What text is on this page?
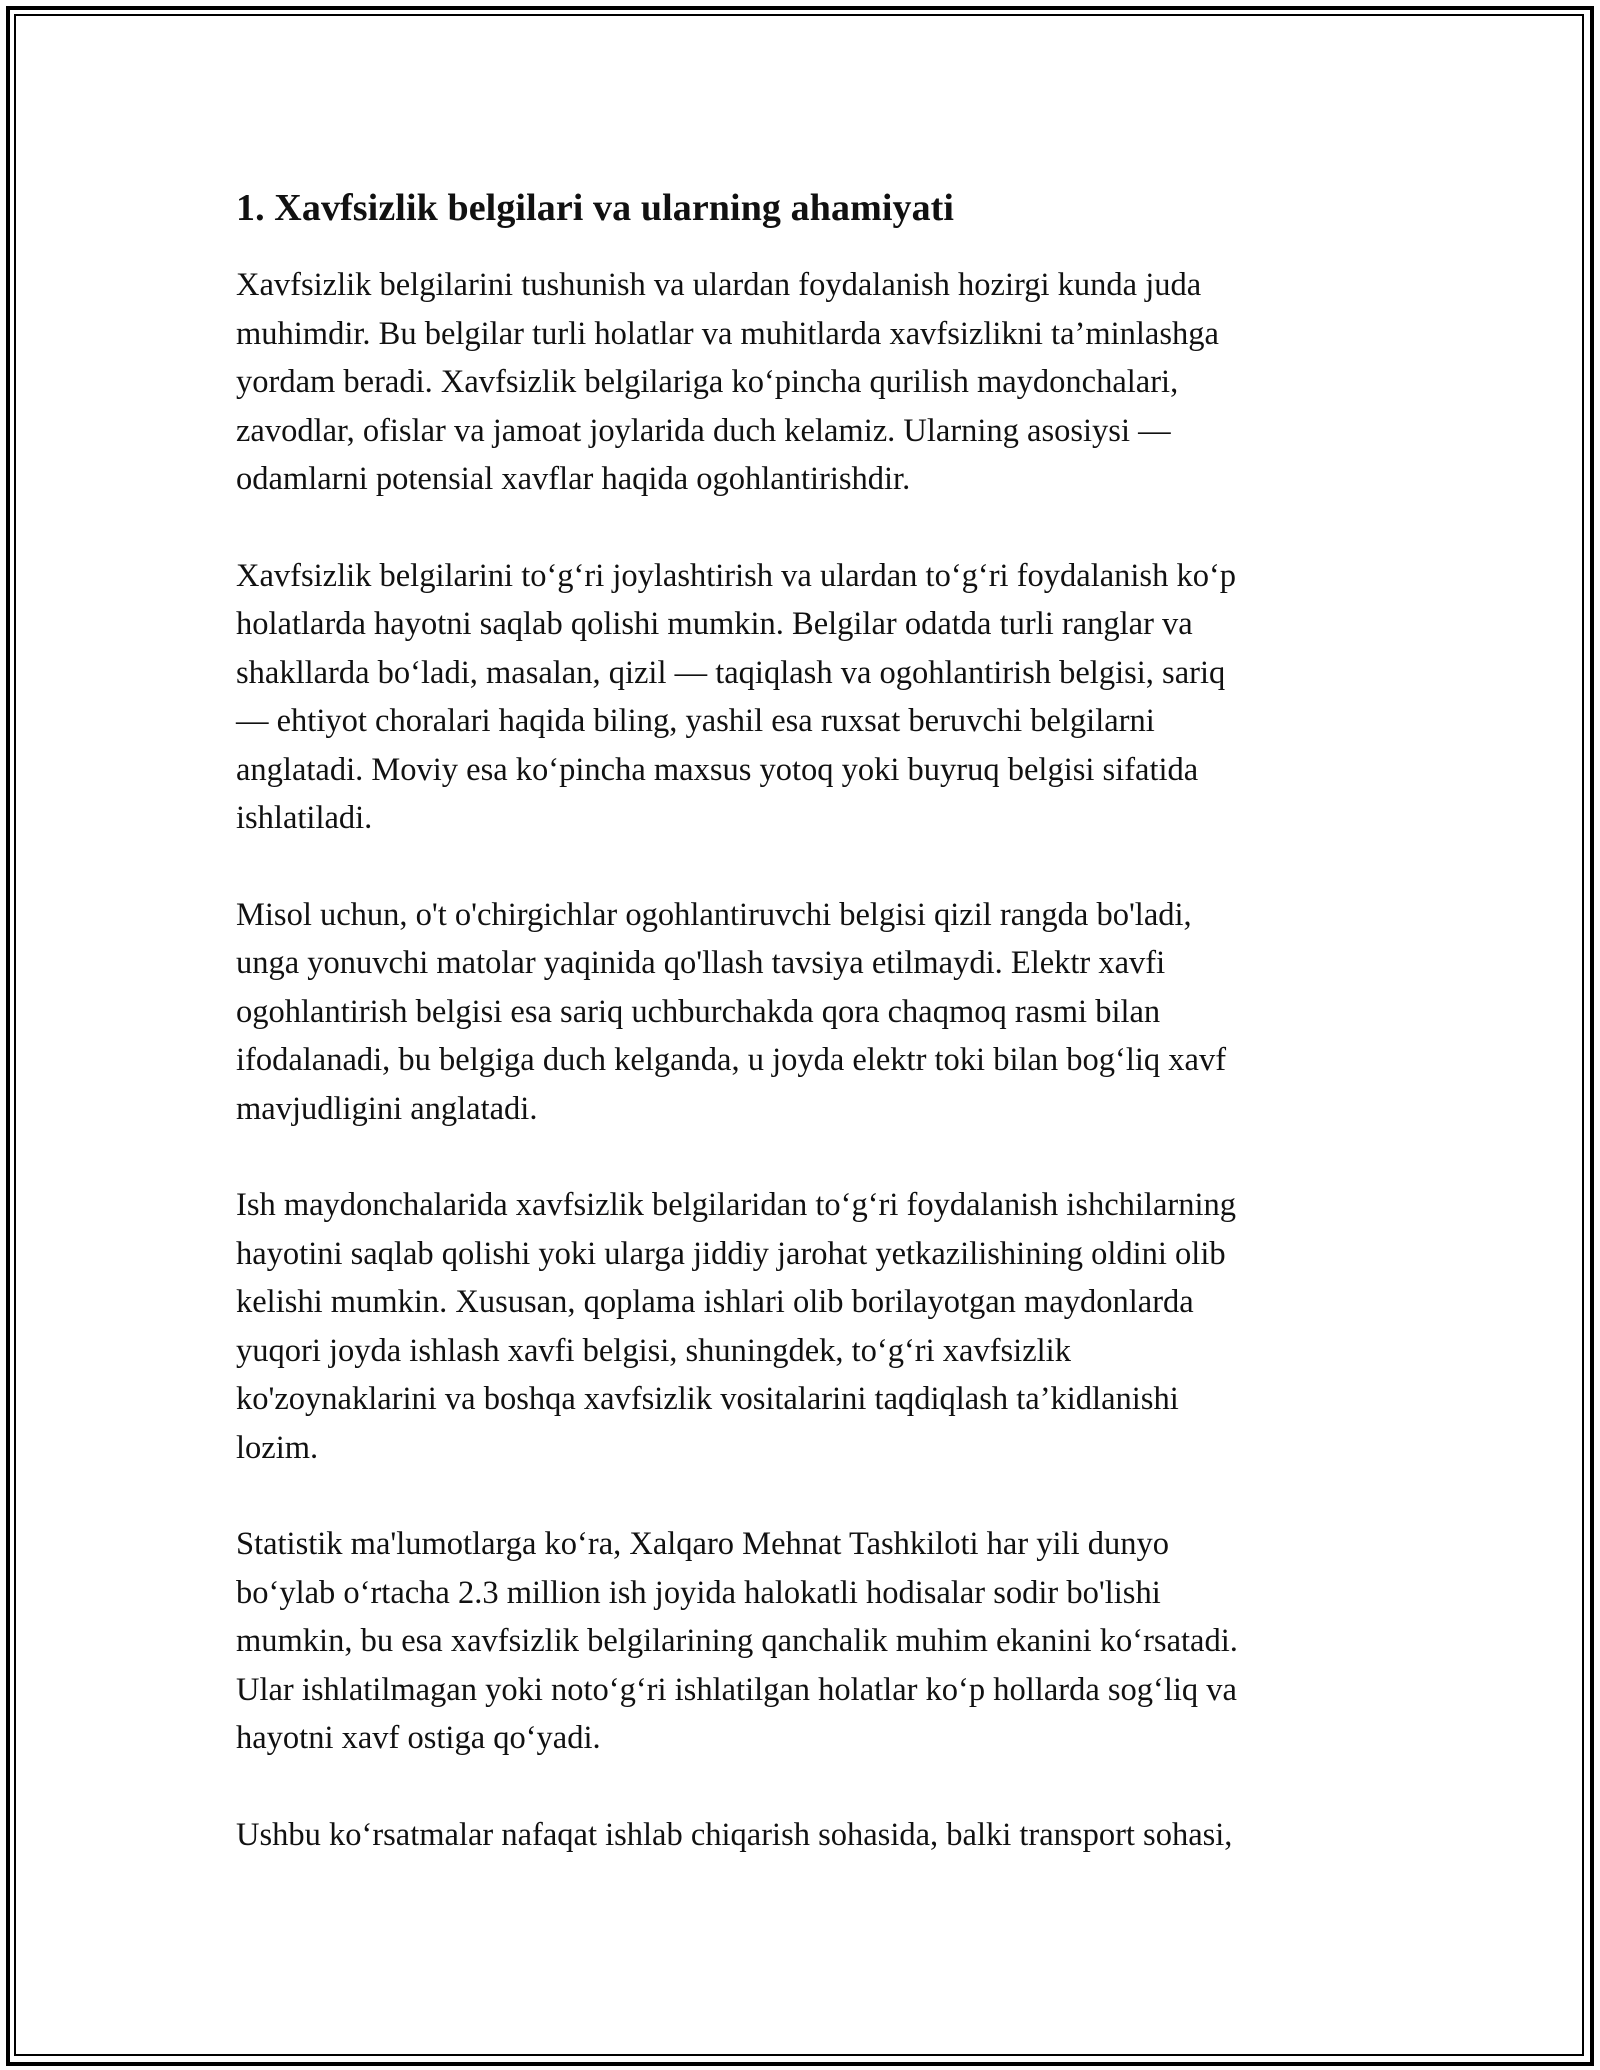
1. Xavfsizlik belgilari va ularning ahamiyati

Xavfsizlik belgilarini tushunish va ulardan foydalanish hozirgi kunda juda
muhimdir. Bu belgilar turli holatlar va muhitlarda xavfsizlikni ta’minlashga
yordam beradi. Xavfsizlik belgilariga ko‘pincha qurilish maydonchalari,
zavodlar, ofislar va jamoat joylarida duch kelamiz. Ularning asosiysi —
odamlarni potensial xavflar haqida ogohlantirishdir.

Xavfsizlik belgilarini to‘g‘ri joylashtirish va ulardan to‘g‘ri foydalanish ko‘p
holatlarda hayotni saqlab qolishi mumkin. Belgilar odatda turli ranglar va
shakllarda bo‘ladi, masalan, qizil — taqiqlash va ogohlantirish belgisi, sariq
— ehtiyot choralari haqida biling, yashil esa ruxsat beruvchi belgilarni
anglatadi. Moviy esa ko‘pincha maxsus yotoq yoki buyruq belgisi sifatida
ishlatiladi.

Misol uchun, o't o'chirgichlar ogohlantiruvchi belgisi qizil rangda bo'ladi,
unga yonuvchi matolar yaqinida qo'llash tavsiya etilmaydi. Elektr xavfi
ogohlantirish belgisi esa sariq uchburchakda qora chaqmoq rasmi bilan
ifodalanadi, bu belgiga duch kelganda, u joyda elektr toki bilan bog‘liq xavf
mavjudligini anglatadi.

Ish maydonchalarida xavfsizlik belgilaridan to‘g‘ri foydalanish ishchilarning
hayotini saqlab qolishi yoki ularga jiddiy jarohat yetkazilishining oldini olib
kelishi mumkin. Xususan, qoplama ishlari olib borilayotgan maydonlarda
yuqori joyda ishlash xavfi belgisi, shuningdek, to‘g‘ri xavfsizlik
ko'zoynaklarini va boshqa xavfsizlik vositalarini taqdiqlash ta’kidlanishi
lozim.

Statistik ma'lumotlarga ko‘ra, Xalqaro Mehnat Tashkiloti har yili dunyo
bo‘ylab o‘rtacha 2.3 million ish joyida halokatli hodisalar sodir bo'lishi
mumkin, bu esa xavfsizlik belgilarining qanchalik muhim ekanini ko‘rsatadi.
Ular ishlatilmagan yoki noto‘g‘ri ishlatilgan holatlar ko‘p hollarda sog‘liq va
hayotni xavf ostiga qo‘yadi.

Ushbu ko‘rsatmalar nafaqat ishlab chiqarish sohasida, balki transport sohasi,
